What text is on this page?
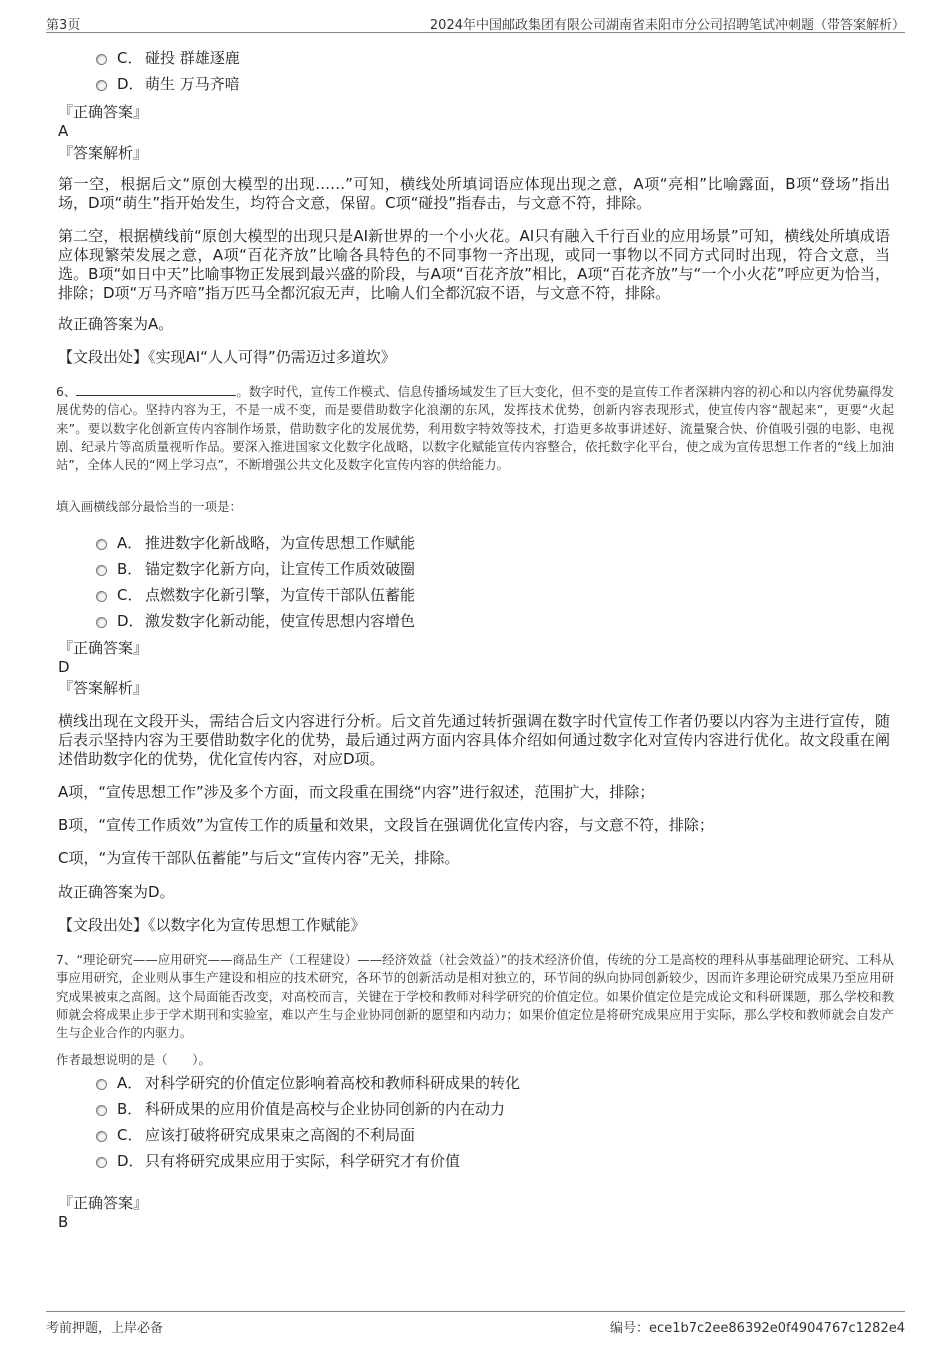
第3页	2024年中国邮政集团有限公司湖南省耒阳市分公司招聘笔试冲刺题（带答案解析）
C． 碰投 群雄逐鹿
D．萌生 万马齐喑
『正确答案』
A
『答案解析』
第一空，根据后文“原创大模型的出现……”可知，横线处所填词语应体现出现之意，A项“亮相”比喻露面，B项“登场”指出场，D项“萌生”指开始发生，均符合文意，保留。C项“碰投”指春击，与文意不符，排除。
第二空，根据横线前“原创大模型的出现只是AI新世界的一个小火花。AI只有融入千行百业的应用场景”可知，横线处所填成语应体现繁荣发展之意，A项“百花齐放”比喻各具特色的不同事物一齐出现，或同一事物以不同方式同时出现，符合文意，当选。B项“如日中天”比喻事物正发展到最兴盛的阶段，与A项“百花齐放”相比，A项“百花齐放”与“一个小火花”呼应更为恰当，排除；D项“万马齐喑”指万匹马全都沉寂无声，比喻人们全都沉寂不语，与文意不符，排除。
故正确答案为A。
【文段出处】《实现AI“人人可得”仍需迈过多道坎》
6、	。数字时代，宣传工作模式、信息传播场域发生了巨大变化，但不变的是宣传工作者深耕内容的初心和以内容优势赢得发展优势的信心。坚持内容为王，不是一成不变，而是要借助数字化浪潮的东风，发挥技术优势，创新内容表现形式，使宣传内容“靓起来”，更要“火起来”。要以数字化创新宣传内容制作场景，借助数字化的发展优势，利用数字特效等技术，打造更多故事讲述好、流量聚合快、价值吸引强的电影、电视剧、纪录片等高质量视听作品。要深入推进国家文化数字化战略，以数字化赋能宣传内容整合，依托数字化平台，使之成为宣传思想工作者的“线上加油站”，全体人民的“网上学习点”，不断增强公共文化及数字化宣传内容的供给能力。
填入画横线部分最恰当的一项是：
A． 推进数字化新战略，为宣传思想工作赋能
B． 锚定数字化新方向，让宣传工作质效破圈
C． 点燃数字化新引擎，为宣传干部队伍蓄能
D．激发数字化新动能，使宣传思想内容增色
『正确答案』
D
『答案解析』
横线出现在文段开头，需结合后文内容进行分析。后文首先通过转折强调在数字时代宣传工作者仍要以内容为主进行宣传，随后表示坚持内容为王要借助数字化的优势，最后通过两方面内容具体介绍如何通过数字化对宣传内容进行优化。故文段重在阐述借助数字化的优势，优化宣传内容，对应D项。
A项，“宣传思想工作”涉及多个方面，而文段重在围绕“内容”进行叙述，范围扩大，排除；
B项，“宣传工作质效”为宣传工作的质量和效果，文段旨在强调优化宣传内容，与文意不符，排除；
C项，“为宣传干部队伍蓄能”与后文“宣传内容”无关，排除。
故正确答案为D。
【文段出处】《以数字化为宣传思想工作赋能》
7、“理论研究——应用研究——商品生产（工程建设）——经济效益（社会效益）”的技术经济价值，传统的分工是高校的理科从事基础理论研究、工科从事应用研究，企业则从事生产建设和相应的技术研究，各环节的创新活动是相对独立的，环节间的纵向协同创新较少，因而许多理论研究成果乃至应用研究成果被束之高阁。这个局面能否改变，对高校而言，关键在于学校和教师对科学研究的价值定位。如果价值定位是完成论文和科研课题，那么学校和教师就会将成果止步于学术期刊和实验室，难以产生与企业协同创新的愿望和内动力；如果价值定位是将研究成果应用于实际，那么学校和教师就会自发产生与企业合作的内驱力。
作者最想说明的是（　　）。
A． 对科学研究的价值定位影响着高校和教师科研成果的转化
B． 科研成果的应用价值是高校与企业协同创新的内在动力
C． 应该打破将研究成果束之高阁的不利局面
D．只有将研究成果应用于实际，科学研究才有价值
『正确答案』
B
考前押题，上岸必备	编号：ece1b7c2ee86392e0f4904767c1282e4
